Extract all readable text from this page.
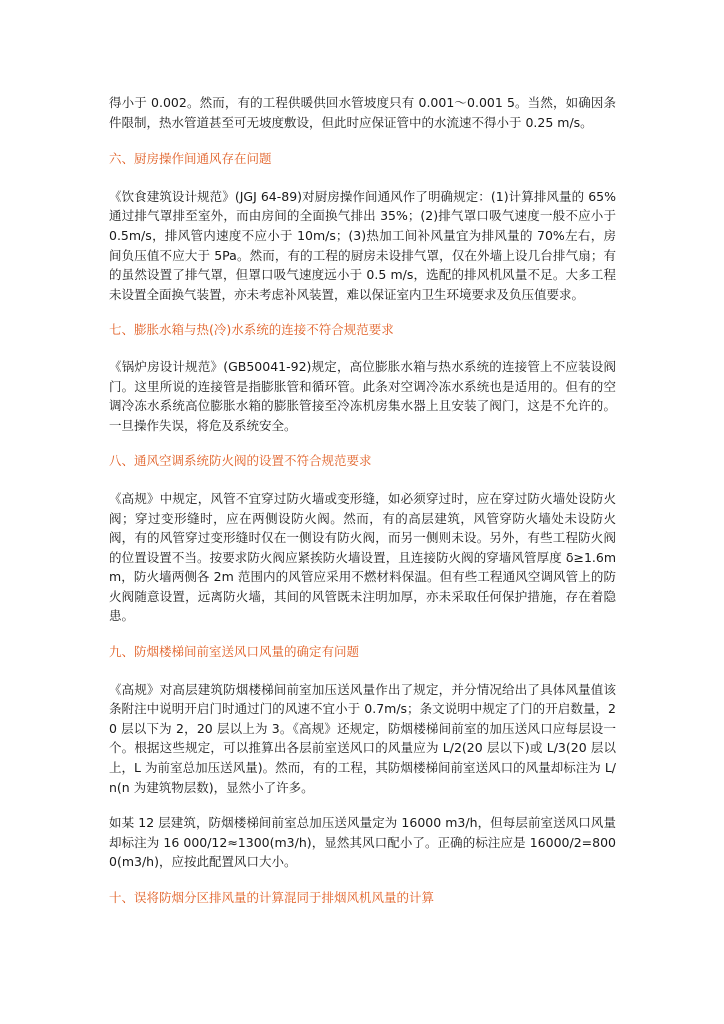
得小于 0.002。然而，有的工程供暖供回水管坡度只有 0.001～0.001 5。当然，如确因条件限制，热水管道甚至可无坡度敷设，但此时应保证管中的水流速不得小于 0.25 m/s。

六、厨房操作间通风存在问题

《饮食建筑设计规范》(JGJ 64-89)对厨房操作间通风作了明确规定：(1)计算排风量的 65%通过排气罩排至室外，而由房间的全面换气排出 35%；(2)排气罩口吸气速度一般不应小于 0.5m/s，排风管内速度不应小于 10m/s；(3)热加工间补风量宜为排风量的 70%左右，房间负压值不应大于 5Pa。然而，有的工程的厨房未设排气罩，仅在外墙上设几台排气扇；有的虽然设置了排气罩，但罩口吸气速度远小于 0.5 m/s，选配的排风机风量不足。大多工程未设置全面换气装置，亦未考虑补风装置，难以保证室内卫生环境要求及负压值要求。

七、膨胀水箱与热(冷)水系统的连接不符合规范要求

《锅炉房设计规范》(GB50041-92)规定，高位膨胀水箱与热水系统的连接管上不应装设阀门。这里所说的连接管是指膨胀管和循环管。此条对空调冷冻水系统也是适用的。但有的空调冷冻水系统高位膨胀水箱的膨胀管接至冷冻机房集水器上且安装了阀门，这是不允许的。一旦操作失误，将危及系统安全。

八、通风空调系统防火阀的设置不符合规范要求

《高规》中规定，风管不宜穿过防火墙或变形缝，如必须穿过时，应在穿过防火墙处设防火阀；穿过变形缝时，应在两侧设防火阀。然而，有的高层建筑，风管穿防火墙处未设防火阀，有的风管穿过变形缝时仅在一侧设有防火阀，而另一侧则未设。另外，有些工程防火阀的位置设置不当。按要求防火阀应紧挨防火墙设置，且连接防火阀的穿墙风管厚度 δ≥1.6mm，防火墙两侧各 2m 范围内的风管应采用不燃材料保温。但有些工程通风空调风管上的防火阀随意设置，远离防火墙，其间的风管既未注明加厚，亦未采取任何保护措施，存在着隐患。

九、防烟楼梯间前室送风口风量的确定有问题

《高规》对高层建筑防烟楼梯间前室加压送风量作出了规定，并分情况给出了具体风量值该条附注中说明开启门时通过门的风速不宜小于 0.7m/s；条文说明中规定了门的开启数量，20 层以下为 2，20 层以上为 3。《高规》还规定，防烟楼梯间前室的加压送风口应每层设一个。根据这些规定，可以推算出各层前室送风口的风量应为 L/2(20 层以下)或 L/3(20 层以上，L 为前室总加压送风量)。然而，有的工程，其防烟楼梯间前室送风口的风量却标注为 L/n(n 为建筑物层数)，显然小了许多。

如某 12 层建筑，防烟楼梯间前室总加压送风量定为 16000 m3/h，但每层前室送风口风量却标注为 16 000/12≈1300(m3/h)，显然其风口配小了。正确的标注应是 16000/2=8000(m3/h)，应按此配置风口大小。

十、误将防烟分区排风量的计算混同于排烟风机风量的计算
